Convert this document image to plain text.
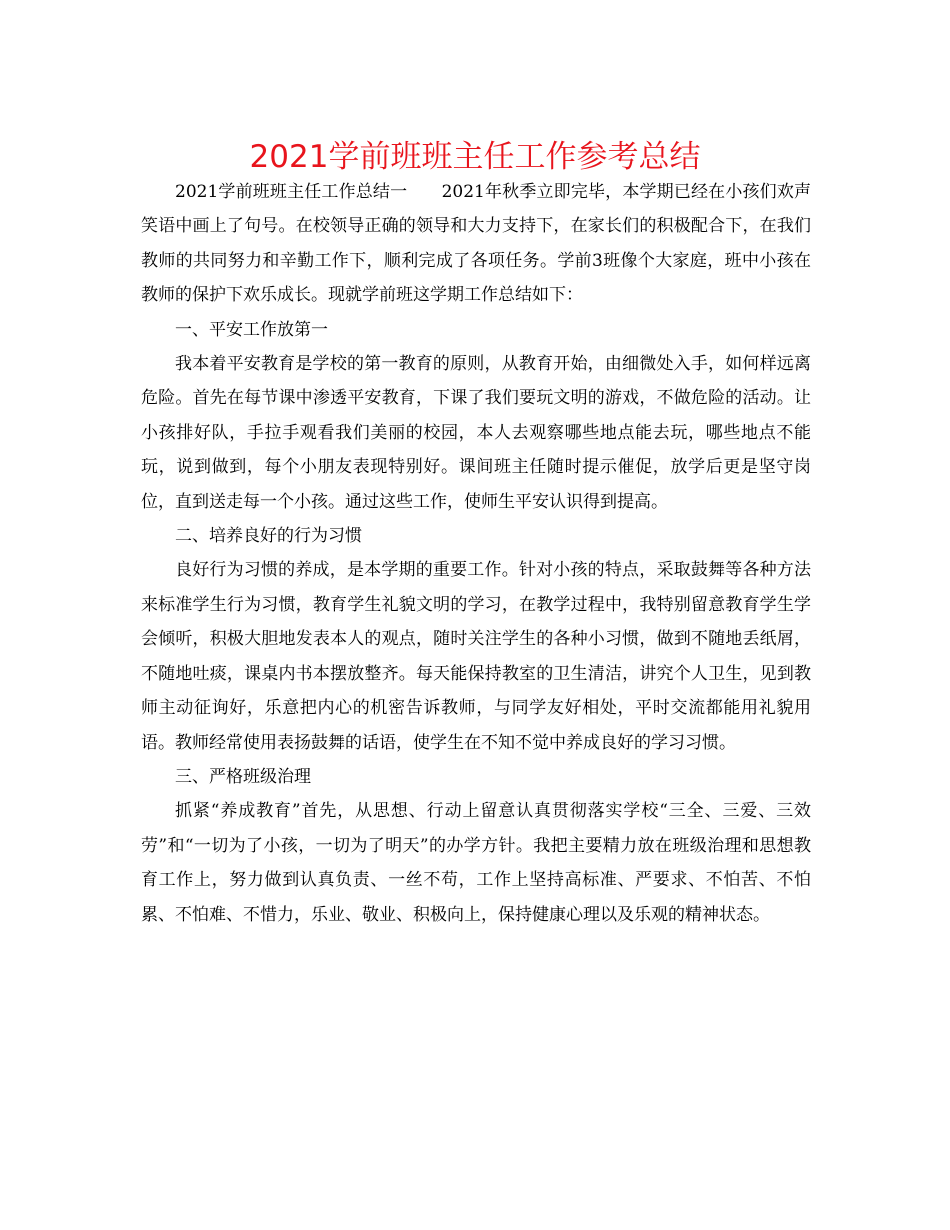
2021学前班班主任工作参考总结

2021学前班班主任工作总结一　　2021年秋季立即完毕，本学期已经在小孩们欢声笑语中画上了句号。在校领导正确的领导和大力支持下，在家长们的积极配合下，在我们教师的共同努力和辛勤工作下，顺利完成了各项任务。学前3班像个大家庭，班中小孩在教师的保护下欢乐成长。现就学前班这学期工作总结如下：

一、平安工作放第一

我本着平安教育是学校的第一教育的原则，从教育开始，由细微处入手，如何样远离危险。首先在每节课中渗透平安教育，下课了我们要玩文明的游戏，不做危险的活动。让小孩排好队，手拉手观看我们美丽的校园，本人去观察哪些地点能去玩，哪些地点不能玩，说到做到，每个小朋友表现特别好。课间班主任随时提示催促，放学后更是坚守岗位，直到送走每一个小孩。通过这些工作，使师生平安认识得到提高。

二、培养良好的行为习惯

良好行为习惯的养成，是本学期的重要工作。针对小孩的特点，采取鼓舞等各种方法来标准学生行为习惯，教育学生礼貌文明的学习，在教学过程中，我特别留意教育学生学会倾听，积极大胆地发表本人的观点，随时关注学生的各种小习惯，做到不随地丢纸屑，不随地吐痰，课桌内书本摆放整齐。每天能保持教室的卫生清洁，讲究个人卫生，见到教师主动征询好，乐意把内心的机密告诉教师，与同学友好相处，平时交流都能用礼貌用语。教师经常使用表扬鼓舞的话语，使学生在不知不觉中养成良好的学习习惯。

三、严格班级治理

抓紧“养成教育”首先，从思想、行动上留意认真贯彻落实学校“三全、三爱、三效劳”和“一切为了小孩，一切为了明天”的办学方针。我把主要精力放在班级治理和思想教育工作上，努力做到认真负责、一丝不苟，工作上坚持高标准、严要求、不怕苦、不怕累、不怕难、不惜力，乐业、敬业、积极向上，保持健康心理以及乐观的精神状态。
